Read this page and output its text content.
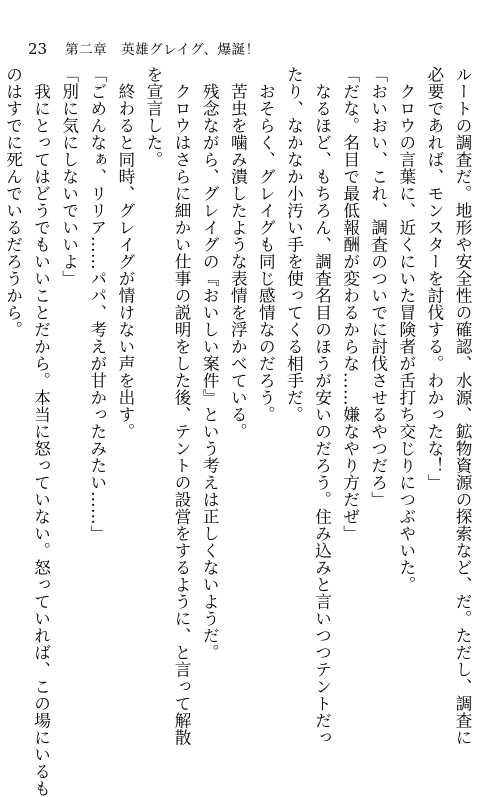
23 第二章　英雄グレイグ、爆誕！
ルートの調査だ。地形や安全性の確認、水源、鉱物資源の探索など、だ。ただし、調査に
必要であれば、モンスターを討伐する。わかったな！」
　クロウの言葉に、近くにいた冒険者が舌打ち交じりにつぶやいた。
「おいおい、これ、調査のついでに討伐させるやつだろ」
「だな。名目で最低報酬が変わるからな……嫌なやり方だぜ」
　なるほど、もちろん、調査名目のほうが安いのだろう。住み込みと言いつつテントだっ
たり、なかなか小汚い手を使ってくる相手だ。
　おそらく、グレイグも同じ感情なのだろう。
　苦虫を噛み潰したような表情を浮かべている。
　残念ながら、グレイグの『おいしい案件』という考えは正しくないようだ。
　クロウはさらに細かい仕事の説明をした後、テントの設営をするように、と言って解散
を宣言した。
　終わると同時、グレイグが情けない声を出す。
「ごめんなぁ、リリア……パパ、考えが甘かったみたい……」
「別に気にしないでいいよ」
　我にとってはどうでもいいことだから。本当に怒っていない。怒っていれば、この場にいるも
のはすでに死んでいるだろうから。
